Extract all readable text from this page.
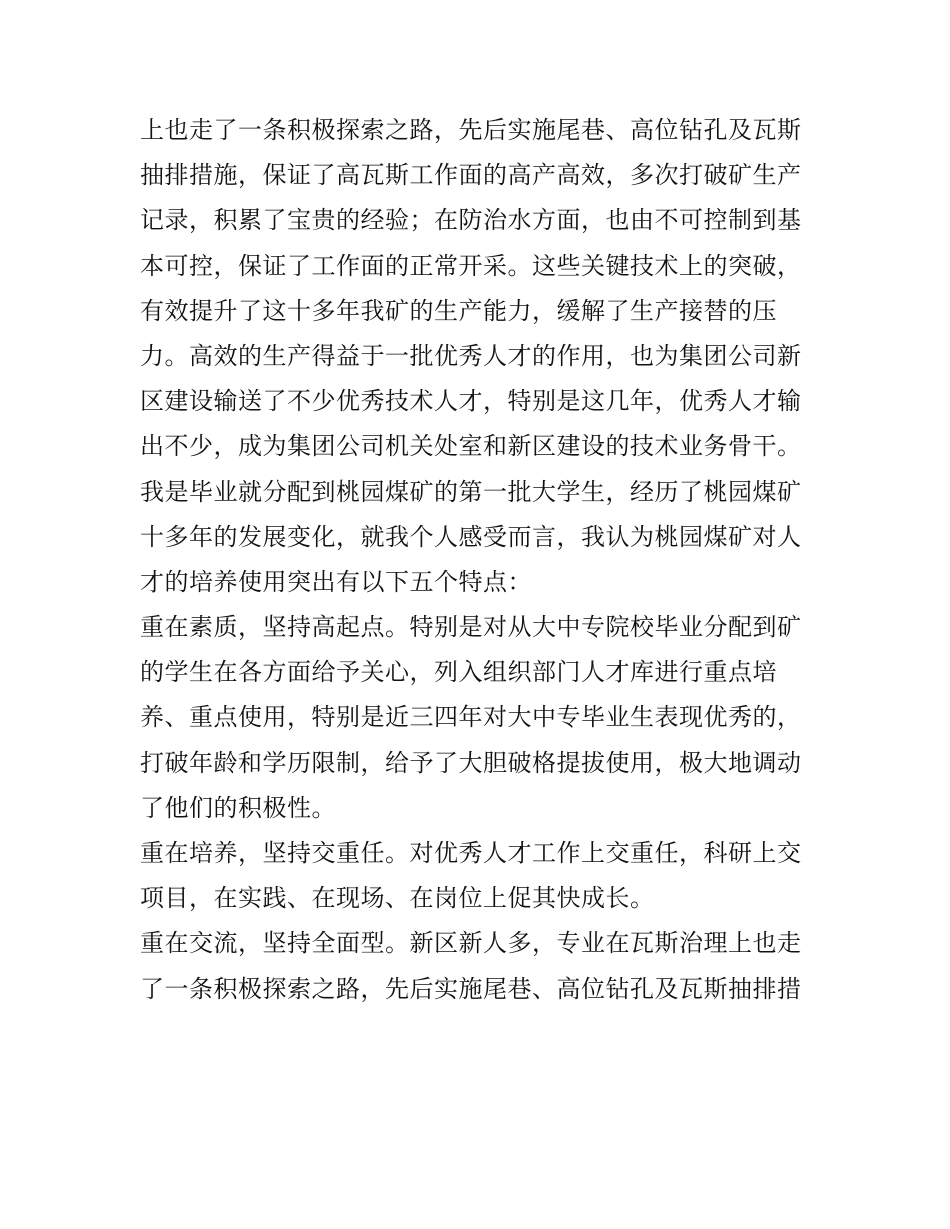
上也走了一条积极探索之路，先后实施尾巷、高位钻孔及瓦斯
抽排措施，保证了高瓦斯工作面的高产高效，多次打破矿生产
记录，积累了宝贵的经验；在防治水方面，也由不可控制到基
本可控，保证了工作面的正常开采。这些关键技术上的突破，
有效提升了这十多年我矿的生产能力，缓解了生产接替的压
力。高效的生产得益于一批优秀人才的作用，也为集团公司新
区建设输送了不少优秀技术人才，特别是这几年，优秀人才输
出不少，成为集团公司机关处室和新区建设的技术业务骨干。
我是毕业就分配到桃园煤矿的第一批大学生，经历了桃园煤矿
十多年的发展变化，就我个人感受而言，我认为桃园煤矿对人
才的培养使用突出有以下五个特点：
重在素质，坚持高起点。特别是对从大中专院校毕业分配到矿
的学生在各方面给予关心，列入组织部门人才库进行重点培
养、重点使用，特别是近三四年对大中专毕业生表现优秀的，
打破年龄和学历限制，给予了大胆破格提拔使用，极大地调动
了他们的积极性。
重在培养，坚持交重任。对优秀人才工作上交重任，科研上交
项目，在实践、在现场、在岗位上促其快成长。
重在交流，坚持全面型。新区新人多，专业在瓦斯治理上也走
了一条积极探索之路，先后实施尾巷、高位钻孔及瓦斯抽排措
